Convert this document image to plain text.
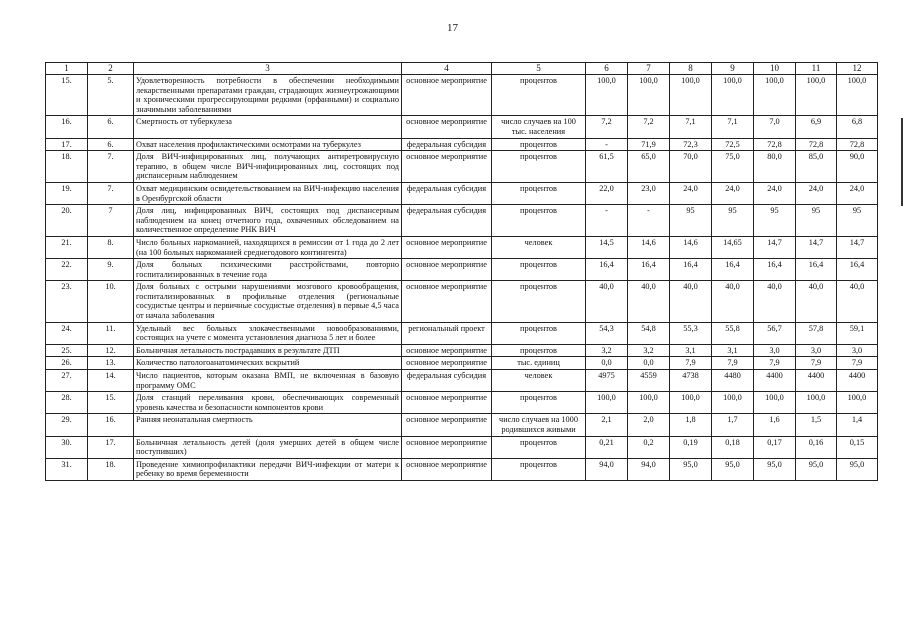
17
1	2	3	4	5	6	7	8	9	10	11	12
15.	5.	Удовлетворенность потребности в обеспечении необходимыми лекарственными препаратами граждан, страдающих жизнеугрожающими и хроническими прогрессирующими редкими (орфанными) и социально значимыми заболеваниями	основное мероприятие	процентов	100,0	100,0	100,0	100,0	100,0	100,0	100,0
16.	6.	Смертность от туберкулеза	основное мероприятие	число случаев на 100 тыс. населения	7,2	7,2	7,1	7,1	7,0	6,9	6,8
17.	6.	Охват населения профилактическими осмотрами на туберкулез	федеральная субсидия	процентов	-	71,9	72,3	72,5	72,8	72,8	72,8
18.	7.	Доля ВИЧ-инфицированных лиц, получающих антиретровирусную терапию, в общем числе ВИЧ-инфицированных лиц, состоящих под диспансерным наблюдением	основное мероприятие	процентов	61,5	65,0	70,0	75,0	80,0	85,0	90,0
19.	7.	Охват медицинским освидетельствованием на ВИЧ-инфекцию населения в Оренбургской области	федеральная субсидия	процентов	22,0	23,0	24,0	24,0	24,0	24,0	24,0
20.	7	Доля лиц, инфицированных ВИЧ, состоящих под диспансерным наблюдением на конец отчетного года, охваченных обследованием на количественное определение РНК ВИЧ	федеральная субсидия	процентов	-	-	95	95	95	95	95
21.	8.	Число больных наркоманией, находящихся в ремиссии от 1 года до 2 лет (на 100 больных наркоманией среднегодового контингента)	основное мероприятие	человек	14,5	14,6	14,6	14,65	14,7	14,7	14,7
22.	9.	Доля больных психическими расстройствами, повторно госпитализированных в течение года	основное мероприятие	процентов	16,4	16,4	16,4	16,4	16,4	16,4	16,4
23.	10.	Доля больных с острыми нарушениями мозгового кровообращения, госпитализированных в профильные отделения (региональные сосудистые центры и первичные сосудистые отделения) в первые 4,5 часа от начала заболевания	основное мероприятие	процентов	40,0	40,0	40,0	40,0	40,0	40,0	40,0
24.	11.	Удельный вес больных злокачественными новообразованиями, состоящих на учете с момента установления диагноза 5 лет и более	региональный проект	процентов	54,3	54,8	55,3	55,8	56,7	57,8	59,1
25.	12.	Больничная летальность пострадавших в результате ДТП	основное мероприятие	процентов	3,2	3,2	3,1	3,1	3,0	3,0	3,0
26.	13.	Количество патологоанатомических вскрытий	основное мероприятие	тыс. единиц	0,0	0,0	7,9	7,9	7,9	7,9	7,9
27.	14.	Число пациентов, которым оказана ВМП, не включенная в базовую программу ОМС	федеральная субсидия	человек	4975	4559	4738	4480	4400	4400	4400
28.	15.	Доля станций переливания крови, обеспечивающих современный уровень качества и безопасности компонентов крови	основное мероприятие	процентов	100,0	100,0	100,0	100,0	100,0	100,0	100,0
29.	16.	Ранняя неонатальная смертность	основное мероприятие	число случаев на 1000 родившихся живыми	2,1	2,0	1,8	1,7	1,6	1,5	1,4
30.	17.	Больничная летальность детей (доля умерших детей в общем числе поступивших)	основное мероприятие	процентов	0,21	0,2	0,19	0,18	0,17	0,16	0,15
31.	18.	Проведение химиопрофилактики передачи ВИЧ-инфекции от матери к ребенку во время беременности	основное мероприятие	процентов	94,0	94,0	95,0	95,0	95,0	95,0	95,0
